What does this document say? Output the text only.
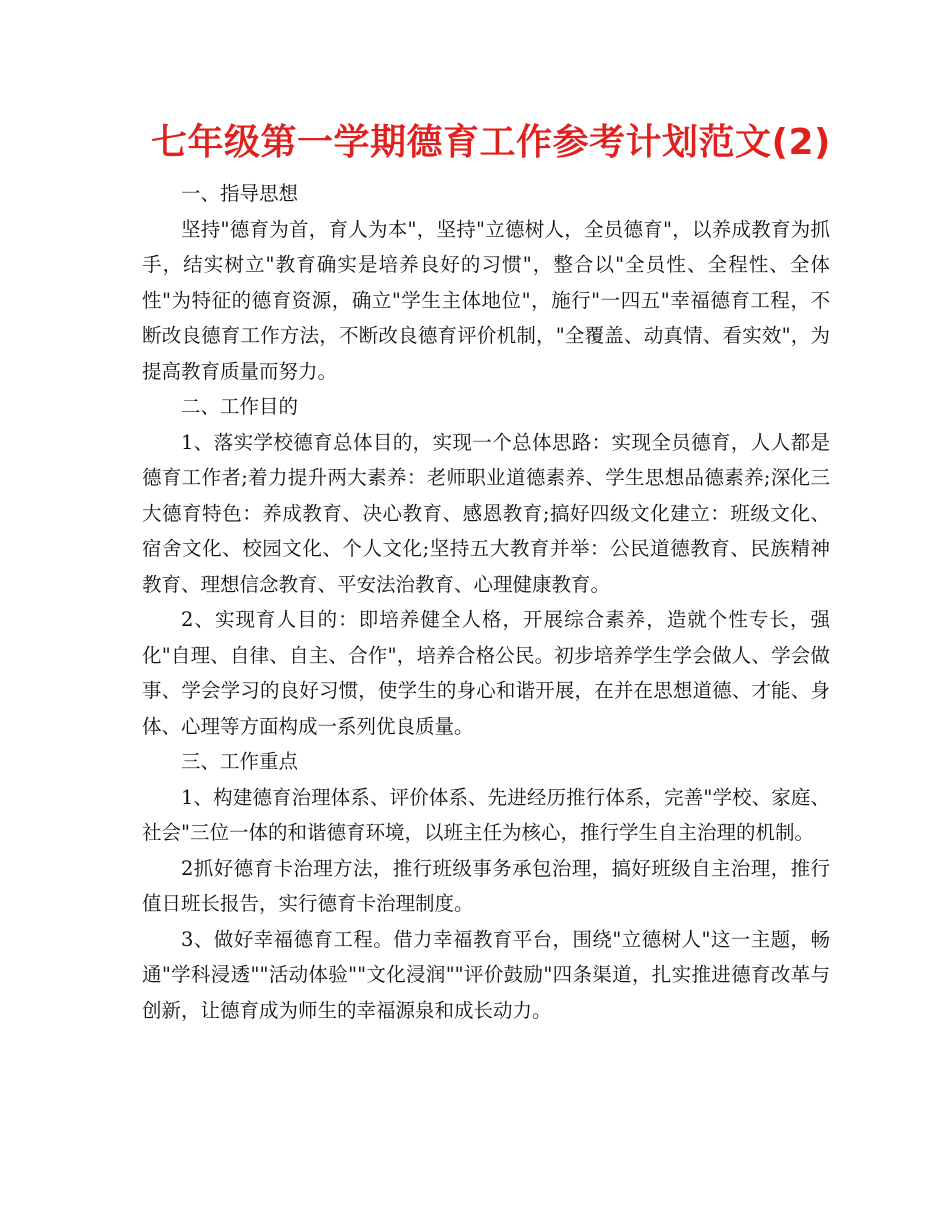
七年级第一学期德育工作参考计划范文(2)

一、指导思想

坚持"德育为首，育人为本"，坚持"立德树人，全员德育"，以养成教育为抓手，结实树立"教育确实是培养良好的习惯"，整合以"全员性、全程性、全体性"为特征的德育资源，确立"学生主体地位"，施行"一四五"幸福德育工程，不断改良德育工作方法，不断改良德育评价机制，"全覆盖、动真情、看实效"，为提高教育质量而努力。

二、工作目的

1、落实学校德育总体目的，实现一个总体思路：实现全员德育，人人都是德育工作者;着力提升两大素养：老师职业道德素养、学生思想品德素养;深化三大德育特色：养成教育、决心教育、感恩教育;搞好四级文化建立：班级文化、宿舍文化、校园文化、个人文化;坚持五大教育并举：公民道德教育、民族精神教育、理想信念教育、平安法治教育、心理健康教育。

2、实现育人目的：即培养健全人格，开展综合素养，造就个性专长，强化"自理、自律、自主、合作"，培养合格公民。初步培养学生学会做人、学会做事、学会学习的良好习惯，使学生的身心和谐开展，在并在思想道德、才能、身体、心理等方面构成一系列优良质量。

三、工作重点

1、构建德育治理体系、评价体系、先进经历推行体系，完善"学校、家庭、社会"三位一体的和谐德育环境，以班主任为核心，推行学生自主治理的机制。

2抓好德育卡治理方法，推行班级事务承包治理，搞好班级自主治理，推行值日班长报告，实行德育卡治理制度。

3、做好幸福德育工程。借力幸福教育平台，围绕"立德树人"这一主题，畅通"学科浸透""活动体验""文化浸润""评价鼓励"四条渠道，扎实推进德育改革与创新，让德育成为师生的幸福源泉和成长动力。
